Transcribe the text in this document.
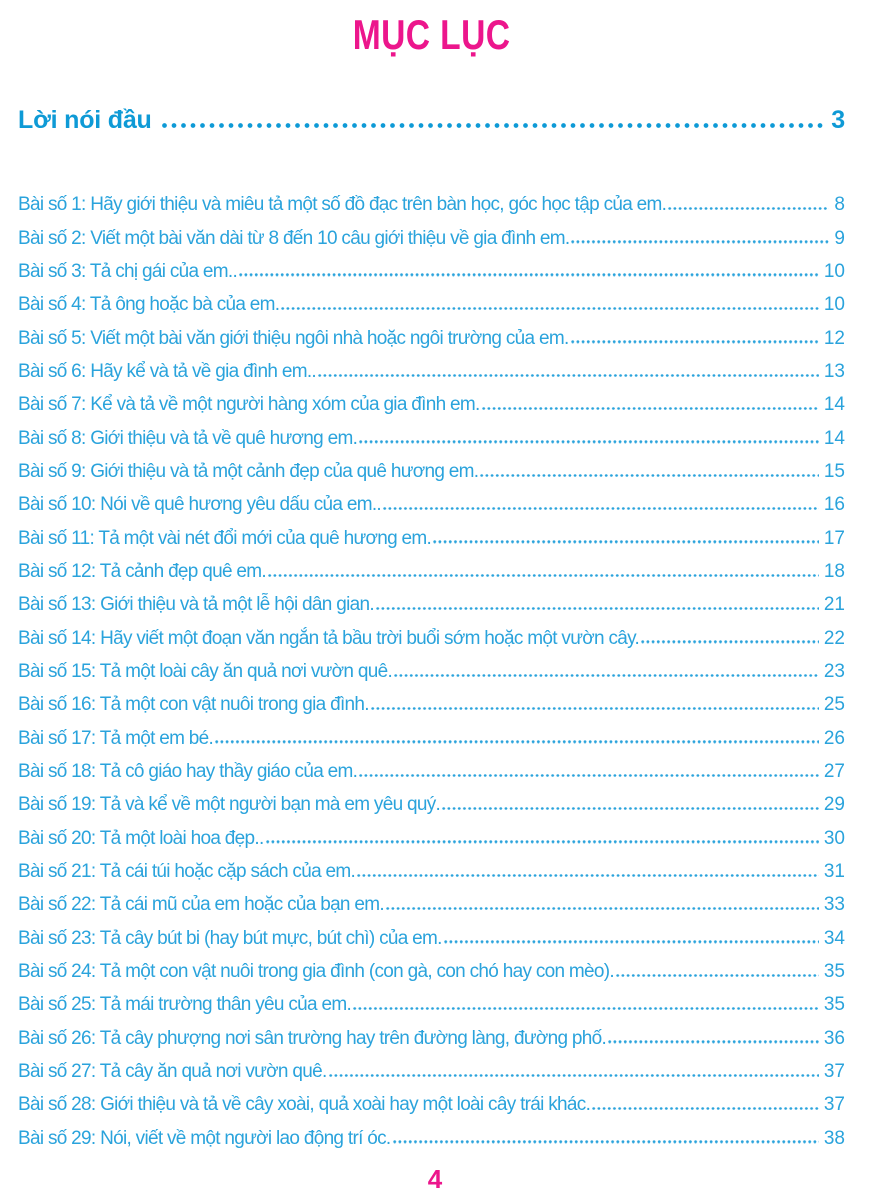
MỤC LỤC
Lời nói đầu	3
Bài số 1: Hãy giới thiệu và miêu tả một số đồ đạc trên bàn học, góc học tập của em.	8
Bài số 2: Viết một bài văn dài từ 8 đến 10 câu giới thiệu về gia đình em.	9
Bài số 3: Tả chị gái của em..	10
Bài số 4: Tả ông hoặc bà của em.	10
Bài số 5: Viết một bài văn giới thiệu ngôi nhà hoặc ngôi trường của em.	12
Bài số 6: Hãy kể và tả về gia đình em..	13
Bài số 7: Kể và tả về một người hàng xóm của gia đình em.	14
Bài số 8: Giới thiệu và tả về quê hương em.	14
Bài số 9: Giới thiệu và tả một cảnh đẹp của quê hương em.	15
Bài số 10: Nói về quê hương yêu dấu của em..	16
Bài số 11: Tả một vài nét đổi mới của quê hương em.	17
Bài số 12: Tả cảnh đẹp quê em.	18
Bài số 13: Giới thiệu và tả một lễ hội dân gian.	21
Bài số 14: Hãy viết một đoạn văn ngắn tả bầu trời buổi sớm hoặc một vườn cây.	22
Bài số 15: Tả một loài cây ăn quả nơi vườn quê.	23
Bài số 16: Tả một con vật nuôi trong gia đình.	25
Bài số 17: Tả một em bé.	26
Bài số 18: Tả cô giáo hay thầy giáo của em.	27
Bài số 19: Tả và kể về một người bạn mà em yêu quý.	29
Bài số 20: Tả một loài hoa đẹp..	30
Bài số 21: Tả cái túi hoặc cặp sách của em.	31
Bài số 22: Tả cái mũ của em hoặc của bạn em.	33
Bài số 23: Tả cây bút bi (hay bút mực, bút chì) của em.	34
Bài số 24: Tả một con vật nuôi trong gia đình (con gà, con chó hay con mèo).	35
Bài số 25: Tả mái trường thân yêu của em.	35
Bài số 26: Tả cây phượng nơi sân trường hay trên đường làng, đường phố.	36
Bài số 27: Tả cây ăn quả nơi vườn quê.	37
Bài số 28: Giới thiệu và tả về cây xoài, quả xoài hay một loài cây trái khác.	37
Bài số 29: Nói, viết về một người lao động trí óc.	38
4
